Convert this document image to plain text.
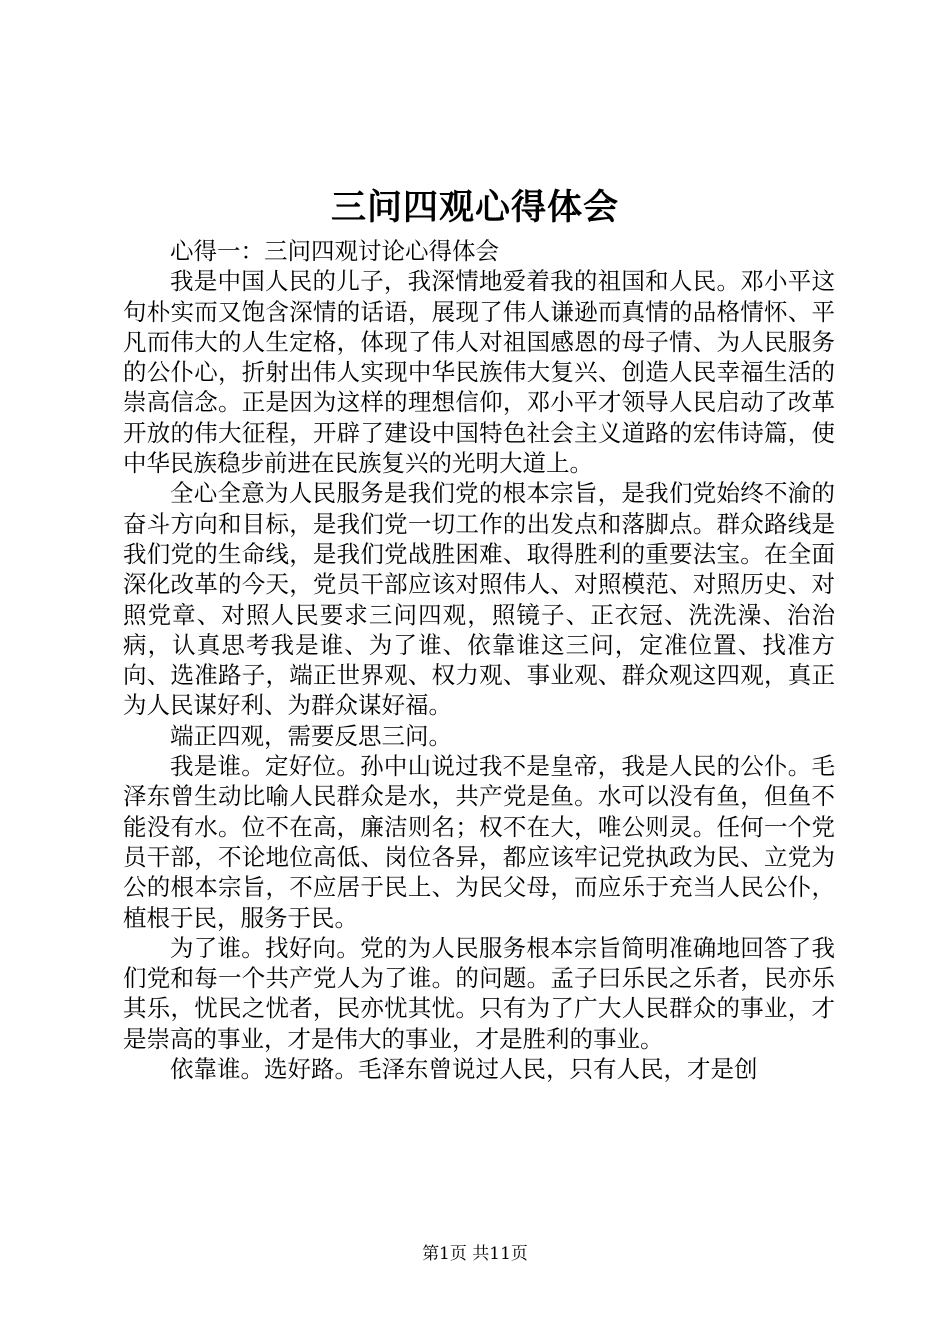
三问四观心得体会

心得一：三问四观讨论心得体会

我是中国人民的儿子，我深情地爱着我的祖国和人民。邓小平这句朴实而又饱含深情的话语，展现了伟人谦逊而真情的品格情怀、平凡而伟大的人生定格，体现了伟人对祖国感恩的母子情、为人民服务的公仆心，折射出伟人实现中华民族伟大复兴、创造人民幸福生活的崇高信念。正是因为这样的理想信仰，邓小平才领导人民启动了改革开放的伟大征程，开辟了建设中国特色社会主义道路的宏伟诗篇，使中华民族稳步前进在民族复兴的光明大道上。

全心全意为人民服务是我们党的根本宗旨，是我们党始终不渝的奋斗方向和目标，是我们党一切工作的出发点和落脚点。群众路线是我们党的生命线，是我们党战胜困难、取得胜利的重要法宝。在全面深化改革的今天，党员干部应该对照伟人、对照模范、对照历史、对照党章、对照人民要求三问四观，照镜子、正衣冠、洗洗澡、治治病，认真思考我是谁、为了谁、依靠谁这三问，定准位置、找准方向、选准路子，端正世界观、权力观、事业观、群众观这四观，真正为人民谋好利、为群众谋好福。

端正四观，需要反思三问。

我是谁。定好位。孙中山说过我不是皇帝，我是人民的公仆。毛泽东曾生动比喻人民群众是水，共产党是鱼。水可以没有鱼，但鱼不能没有水。位不在高，廉洁则名；权不在大，唯公则灵。任何一个党员干部，不论地位高低、岗位各异，都应该牢记党执政为民、立党为公的根本宗旨，不应居于民上、为民父母，而应乐于充当人民公仆，植根于民，服务于民。

为了谁。找好向。党的为人民服务根本宗旨简明准确地回答了我们党和每一个共产党人为了谁。的问题。孟子曰乐民之乐者，民亦乐其乐，忧民之忧者，民亦忧其忧。只有为了广大人民群众的事业，才是崇高的事业，才是伟大的事业，才是胜利的事业。

依靠谁。选好路。毛泽东曾说过人民，只有人民，才是创

第1页 共11页
